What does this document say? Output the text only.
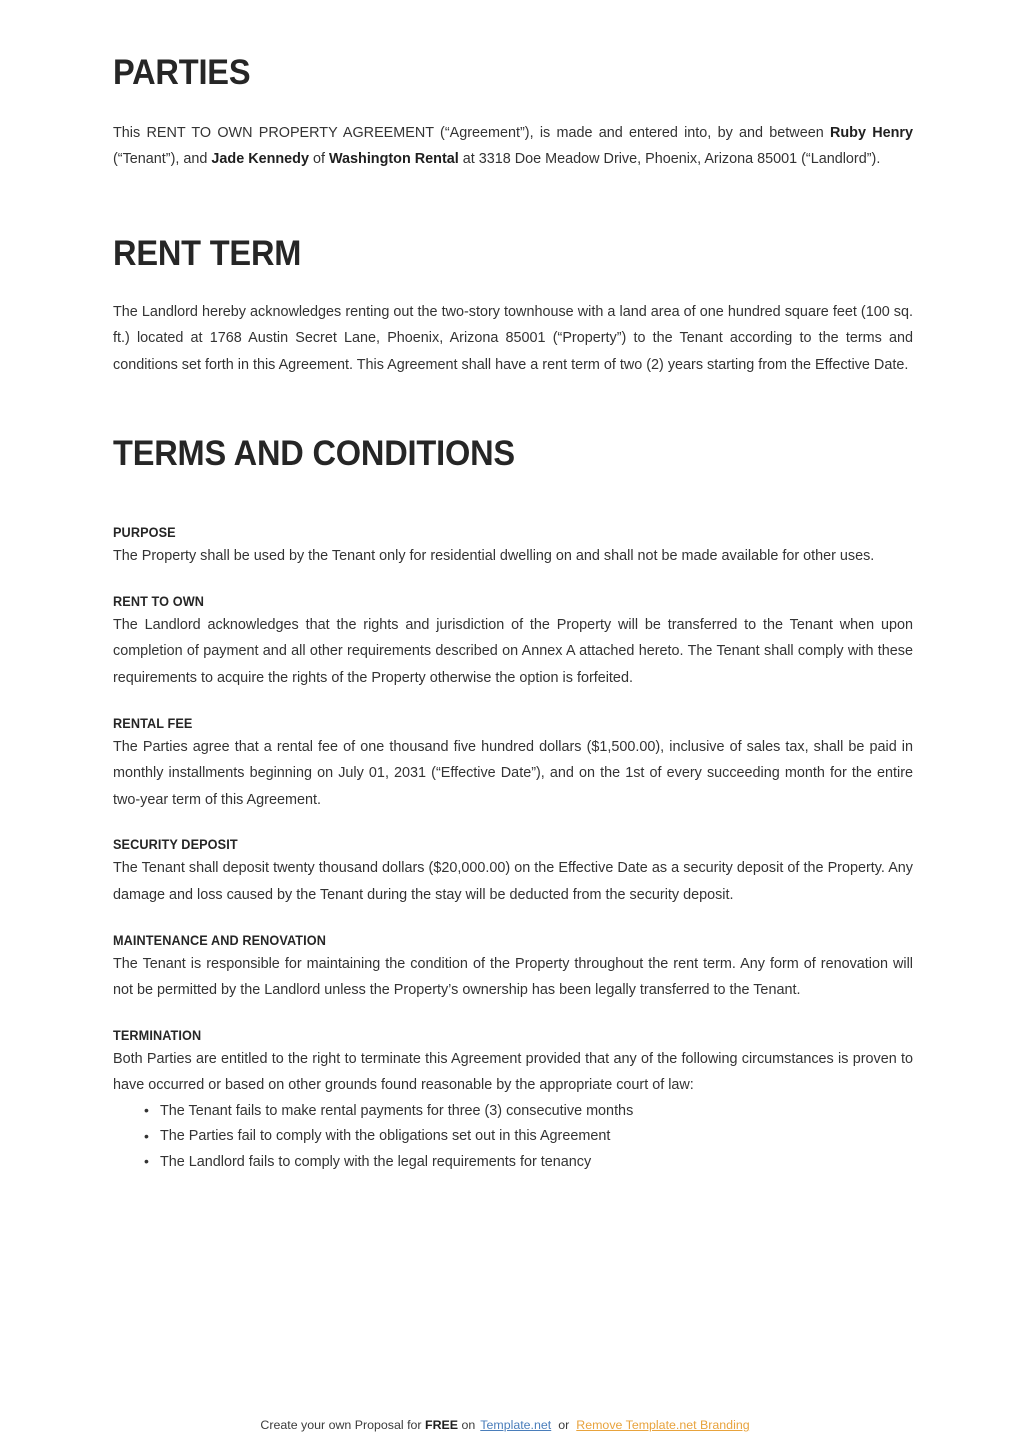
PARTIES

This RENT TO OWN PROPERTY AGREEMENT (“Agreement”), is made and entered into, by and between Ruby Henry (“Tenant”), and Jade Kennedy of Washington Rental at 3318 Doe Meadow Drive, Phoenix, Arizona 85001 (“Landlord”).

RENT TERM

The Landlord hereby acknowledges renting out the two-story townhouse with a land area of one hundred square feet (100 sq. ft.) located at 1768 Austin Secret Lane, Phoenix, Arizona 85001 (“Property”) to the Tenant according to the terms and conditions set forth in this Agreement. This Agreement shall have a rent term of two (2) years starting from the Effective Date.

TERMS AND CONDITIONS
PURPOSE

The Property shall be used by the Tenant only for residential dwelling on and shall not be made available for other uses.

RENT TO OWN

The Landlord acknowledges that the rights and jurisdiction of the Property will be transferred to the Tenant when upon completion of payment and all other requirements described on Annex A attached hereto. The Tenant shall comply with these requirements to acquire the rights of the Property otherwise the option is forfeited.

RENTAL FEE

The Parties agree that a rental fee of one thousand five hundred dollars ($1,500.00), inclusive of sales tax, shall be paid in monthly installments beginning on July 01, 2031 (“Effective Date”), and on the 1st of every succeeding month for the entire two-year term of this Agreement.

SECURITY DEPOSIT

The Tenant shall deposit twenty thousand dollars ($20,000.00) on the Effective Date as a security deposit of the Property. Any damage and loss caused by the Tenant during the stay will be deducted from the security deposit.

MAINTENANCE AND RENOVATION

The Tenant is responsible for maintaining the condition of the Property throughout the rent term. Any form of renovation will not be permitted by the Landlord unless the Property’s ownership has been legally transferred to the Tenant.

TERMINATION

Both Parties are entitled to the right to terminate this Agreement provided that any of the following circumstances is proven to have occurred or based on other grounds found reasonable by the appropriate court of law:

• The Tenant fails to make rental payments for three (3) consecutive months
• The Parties fail to comply with the obligations set out in this Agreement
• The Landlord fails to comply with the legal requirements for tenancy
Create your own Proposal for FREE on Template.net or Remove Template.net Branding
